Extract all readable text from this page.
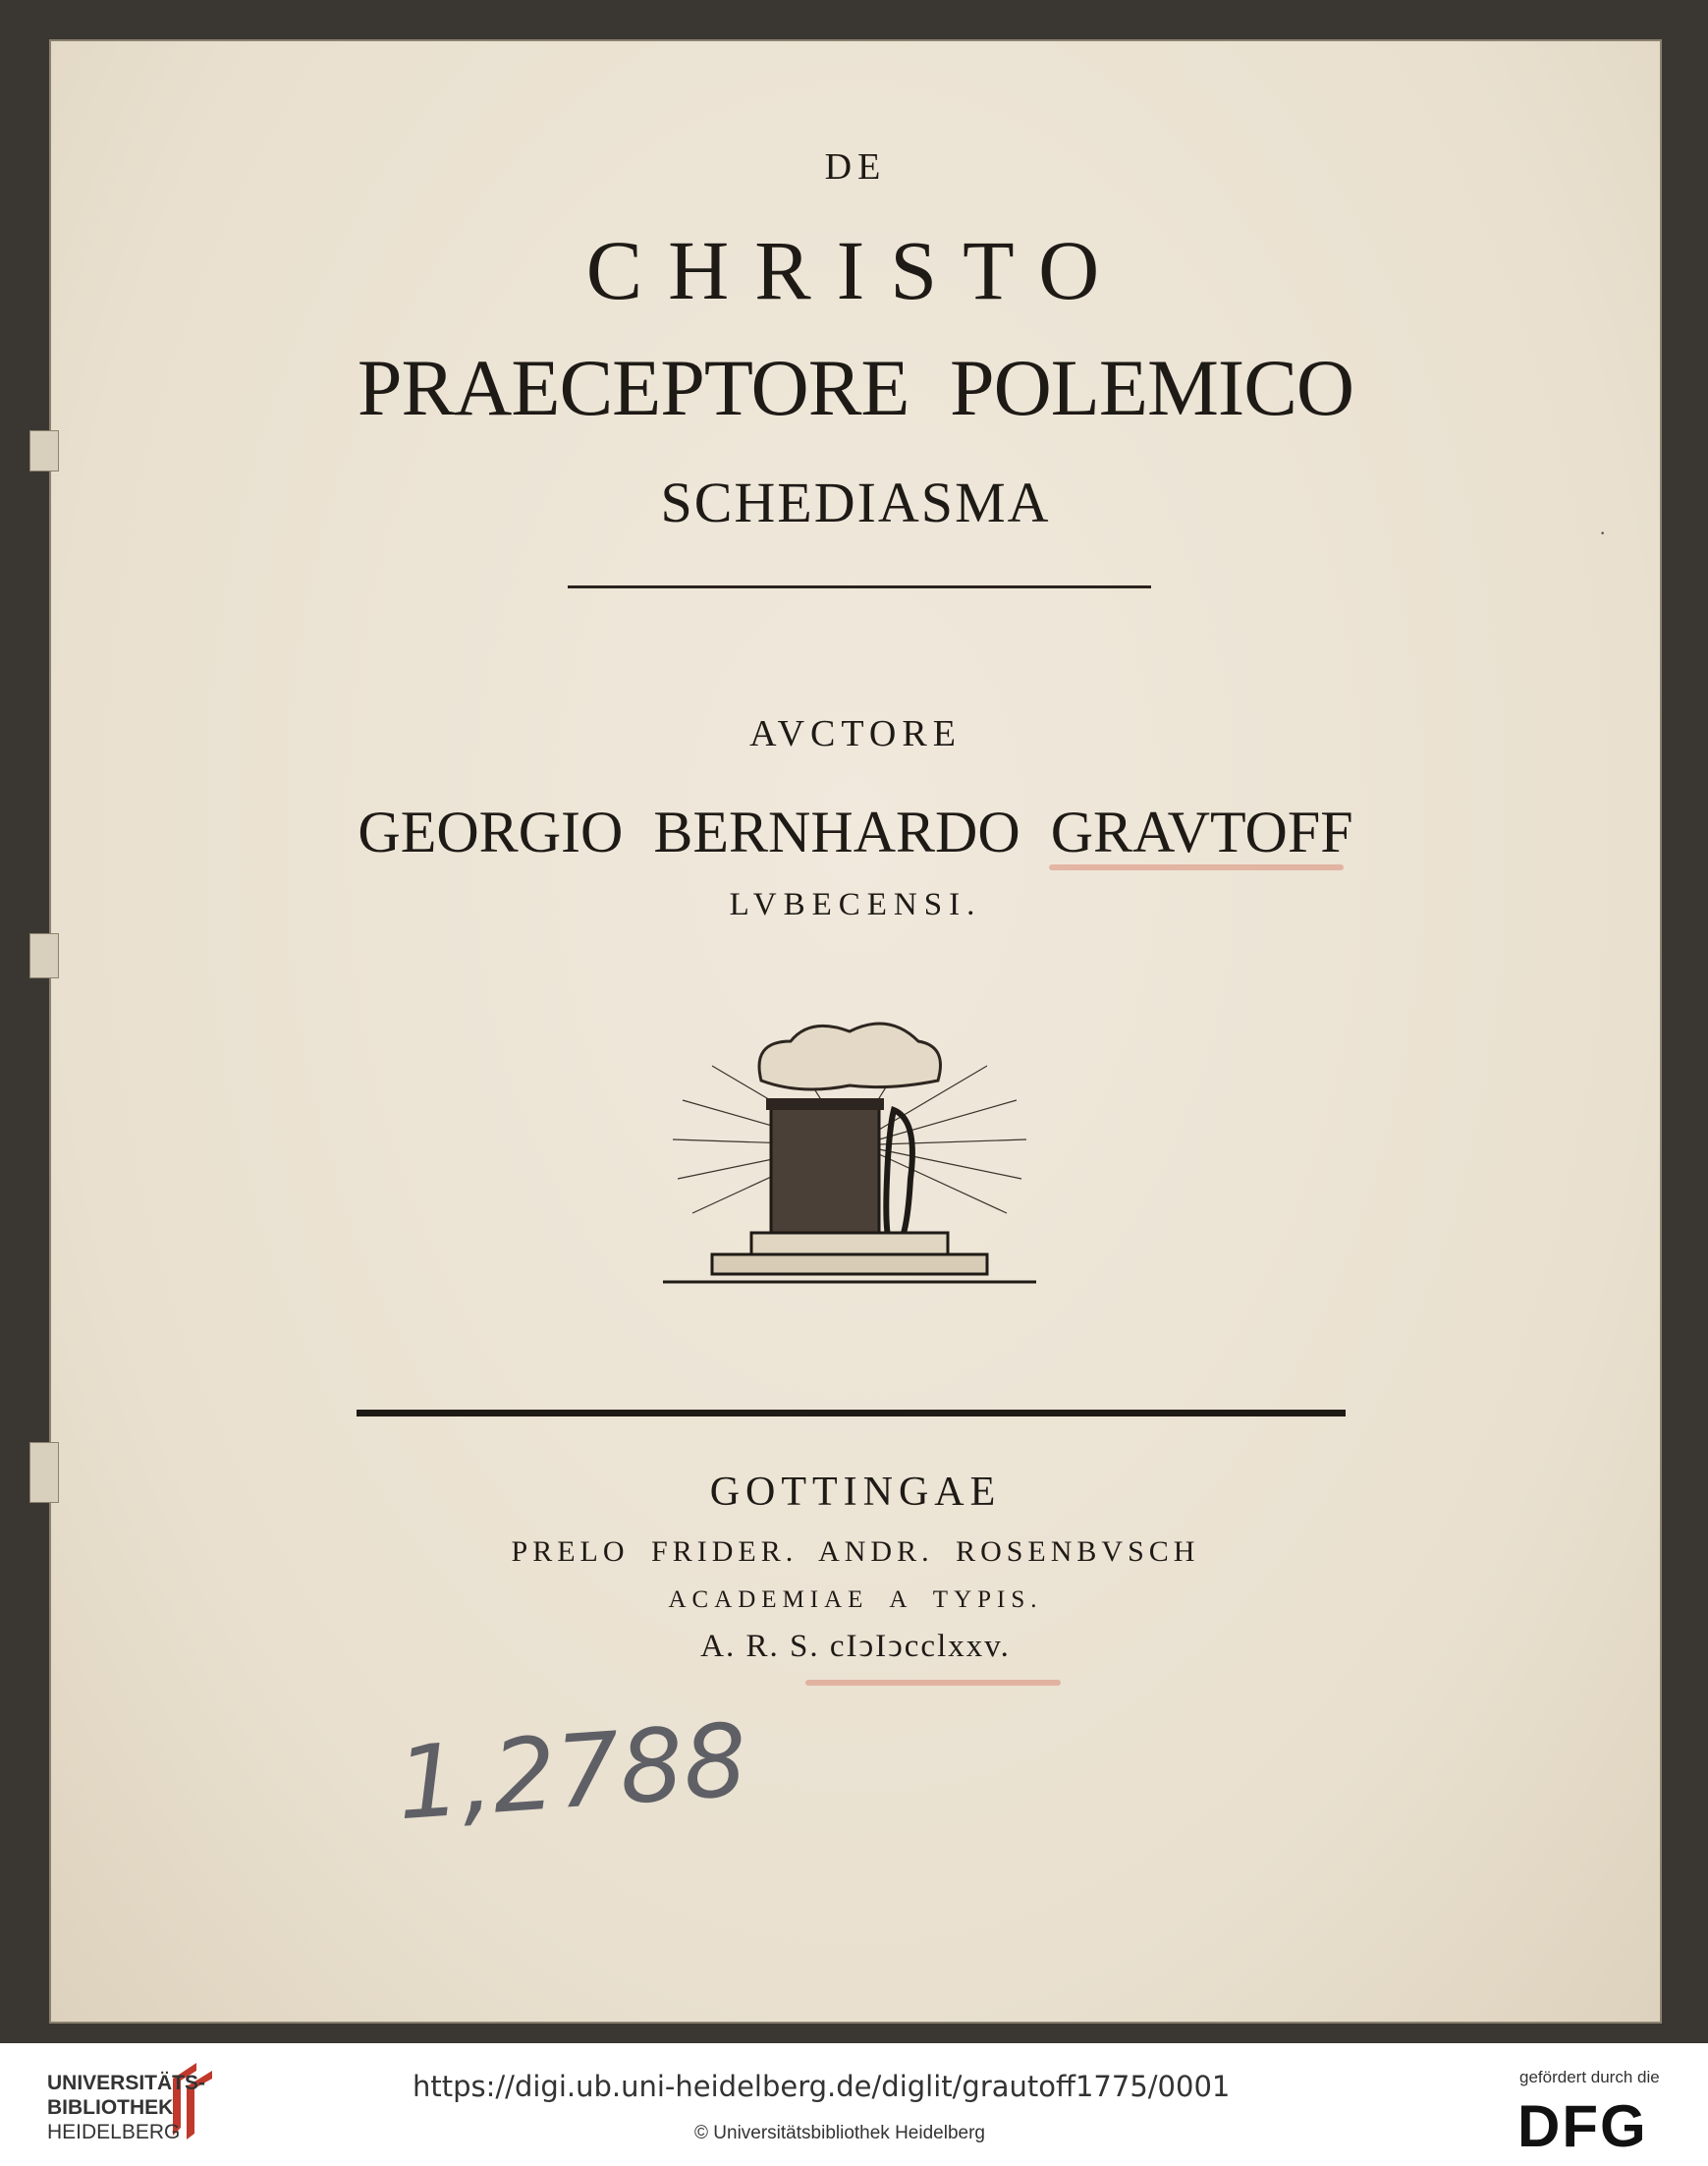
DE

CHRISTO

PRAECEPTORE POLEMICO

SCHEDIASMA

AVCTORE

GEORGIO BERNHARDO GRAVTOFF

LVBECENSI.

GOTTINGAE

PRELO FRIDER. ANDR. ROSENBVSCH

ACADEMIAE A TYPIS.

A. R. S. cIↄIↄcclxxv.

·
1,2788
UNIVERSITÄTS-
BIBLIOTHEK
HEIDELBERG
https://digi.ub.uni-heidelberg.de/diglit/grautoff1775/0001
© Universitätsbibliothek Heidelberg
gefördert durch die
DFG
